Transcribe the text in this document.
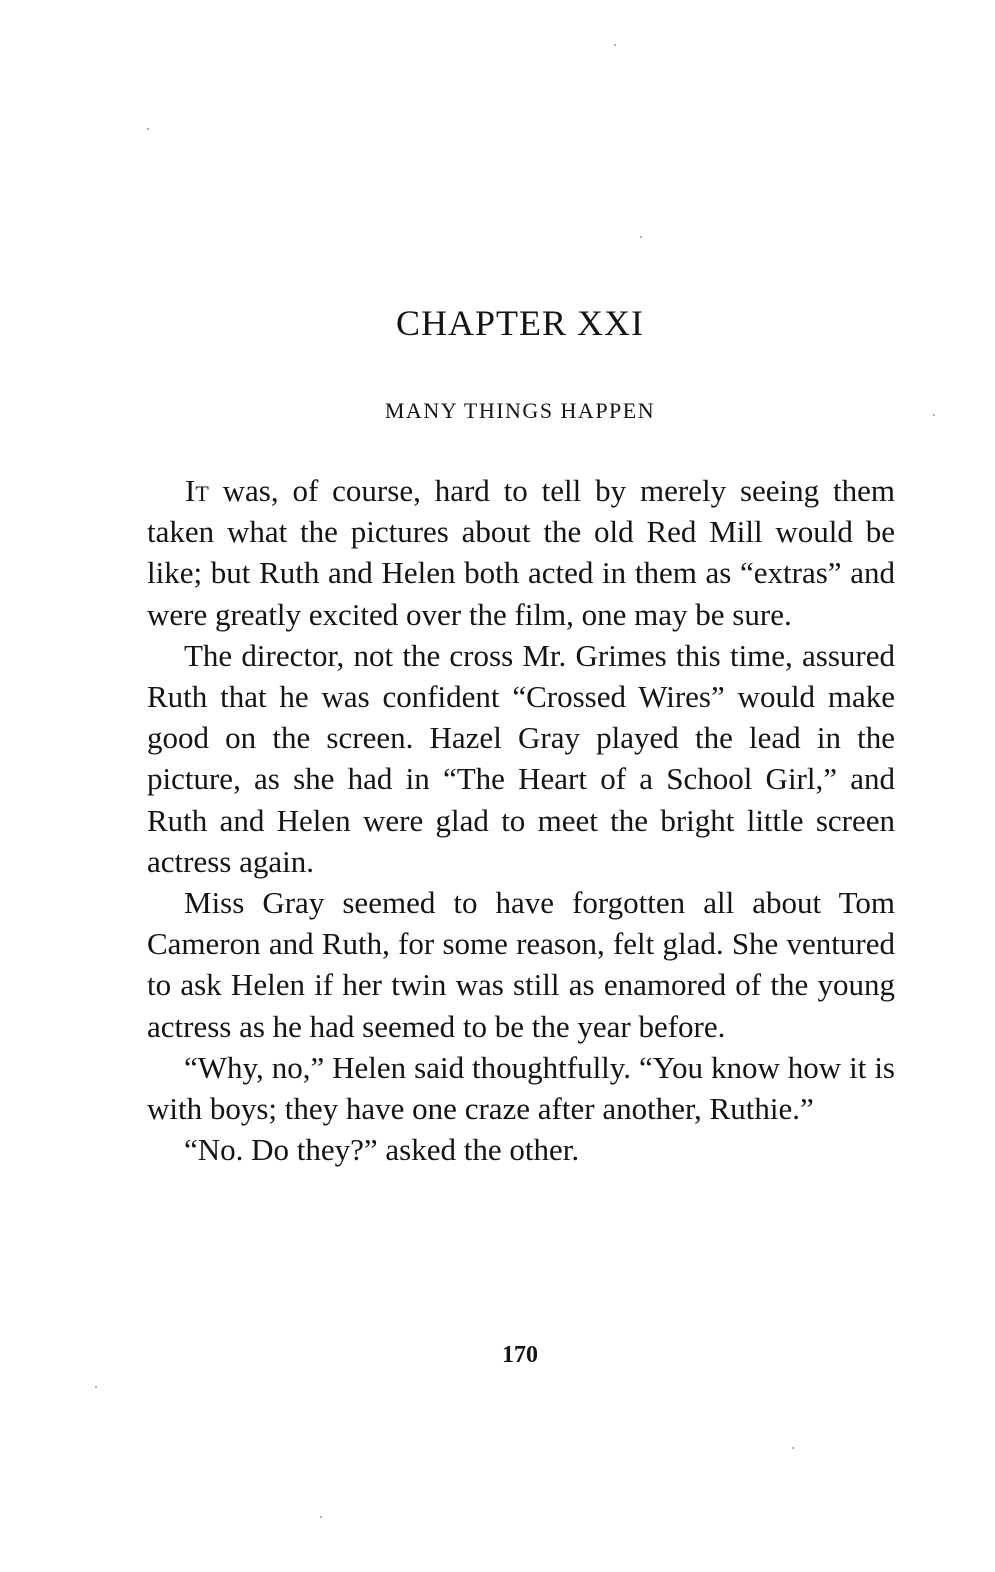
CHAPTER XXI
MANY THINGS HAPPEN

It was, of course, hard to tell by merely seeing them taken what the pictures about the old Red Mill would be like; but Ruth and Helen both acted in them as “extras” and were greatly excited over the film, one may be sure.

The director, not the cross Mr. Grimes this time, assured Ruth that he was confident “Crossed Wires” would make good on the screen. Hazel Gray played the lead in the picture, as she had in “The Heart of a School Girl,” and Ruth and Helen were glad to meet the bright little screen actress again.

Miss Gray seemed to have forgotten all about Tom Cameron and Ruth, for some reason, felt glad. She ventured to ask Helen if her twin was still as enamored of the young actress as he had seemed to be the year before.

“Why, no,” Helen said thoughtfully. “You know how it is with boys; they have one craze after another, Ruthie.”

“No. Do they?” asked the other.

170
